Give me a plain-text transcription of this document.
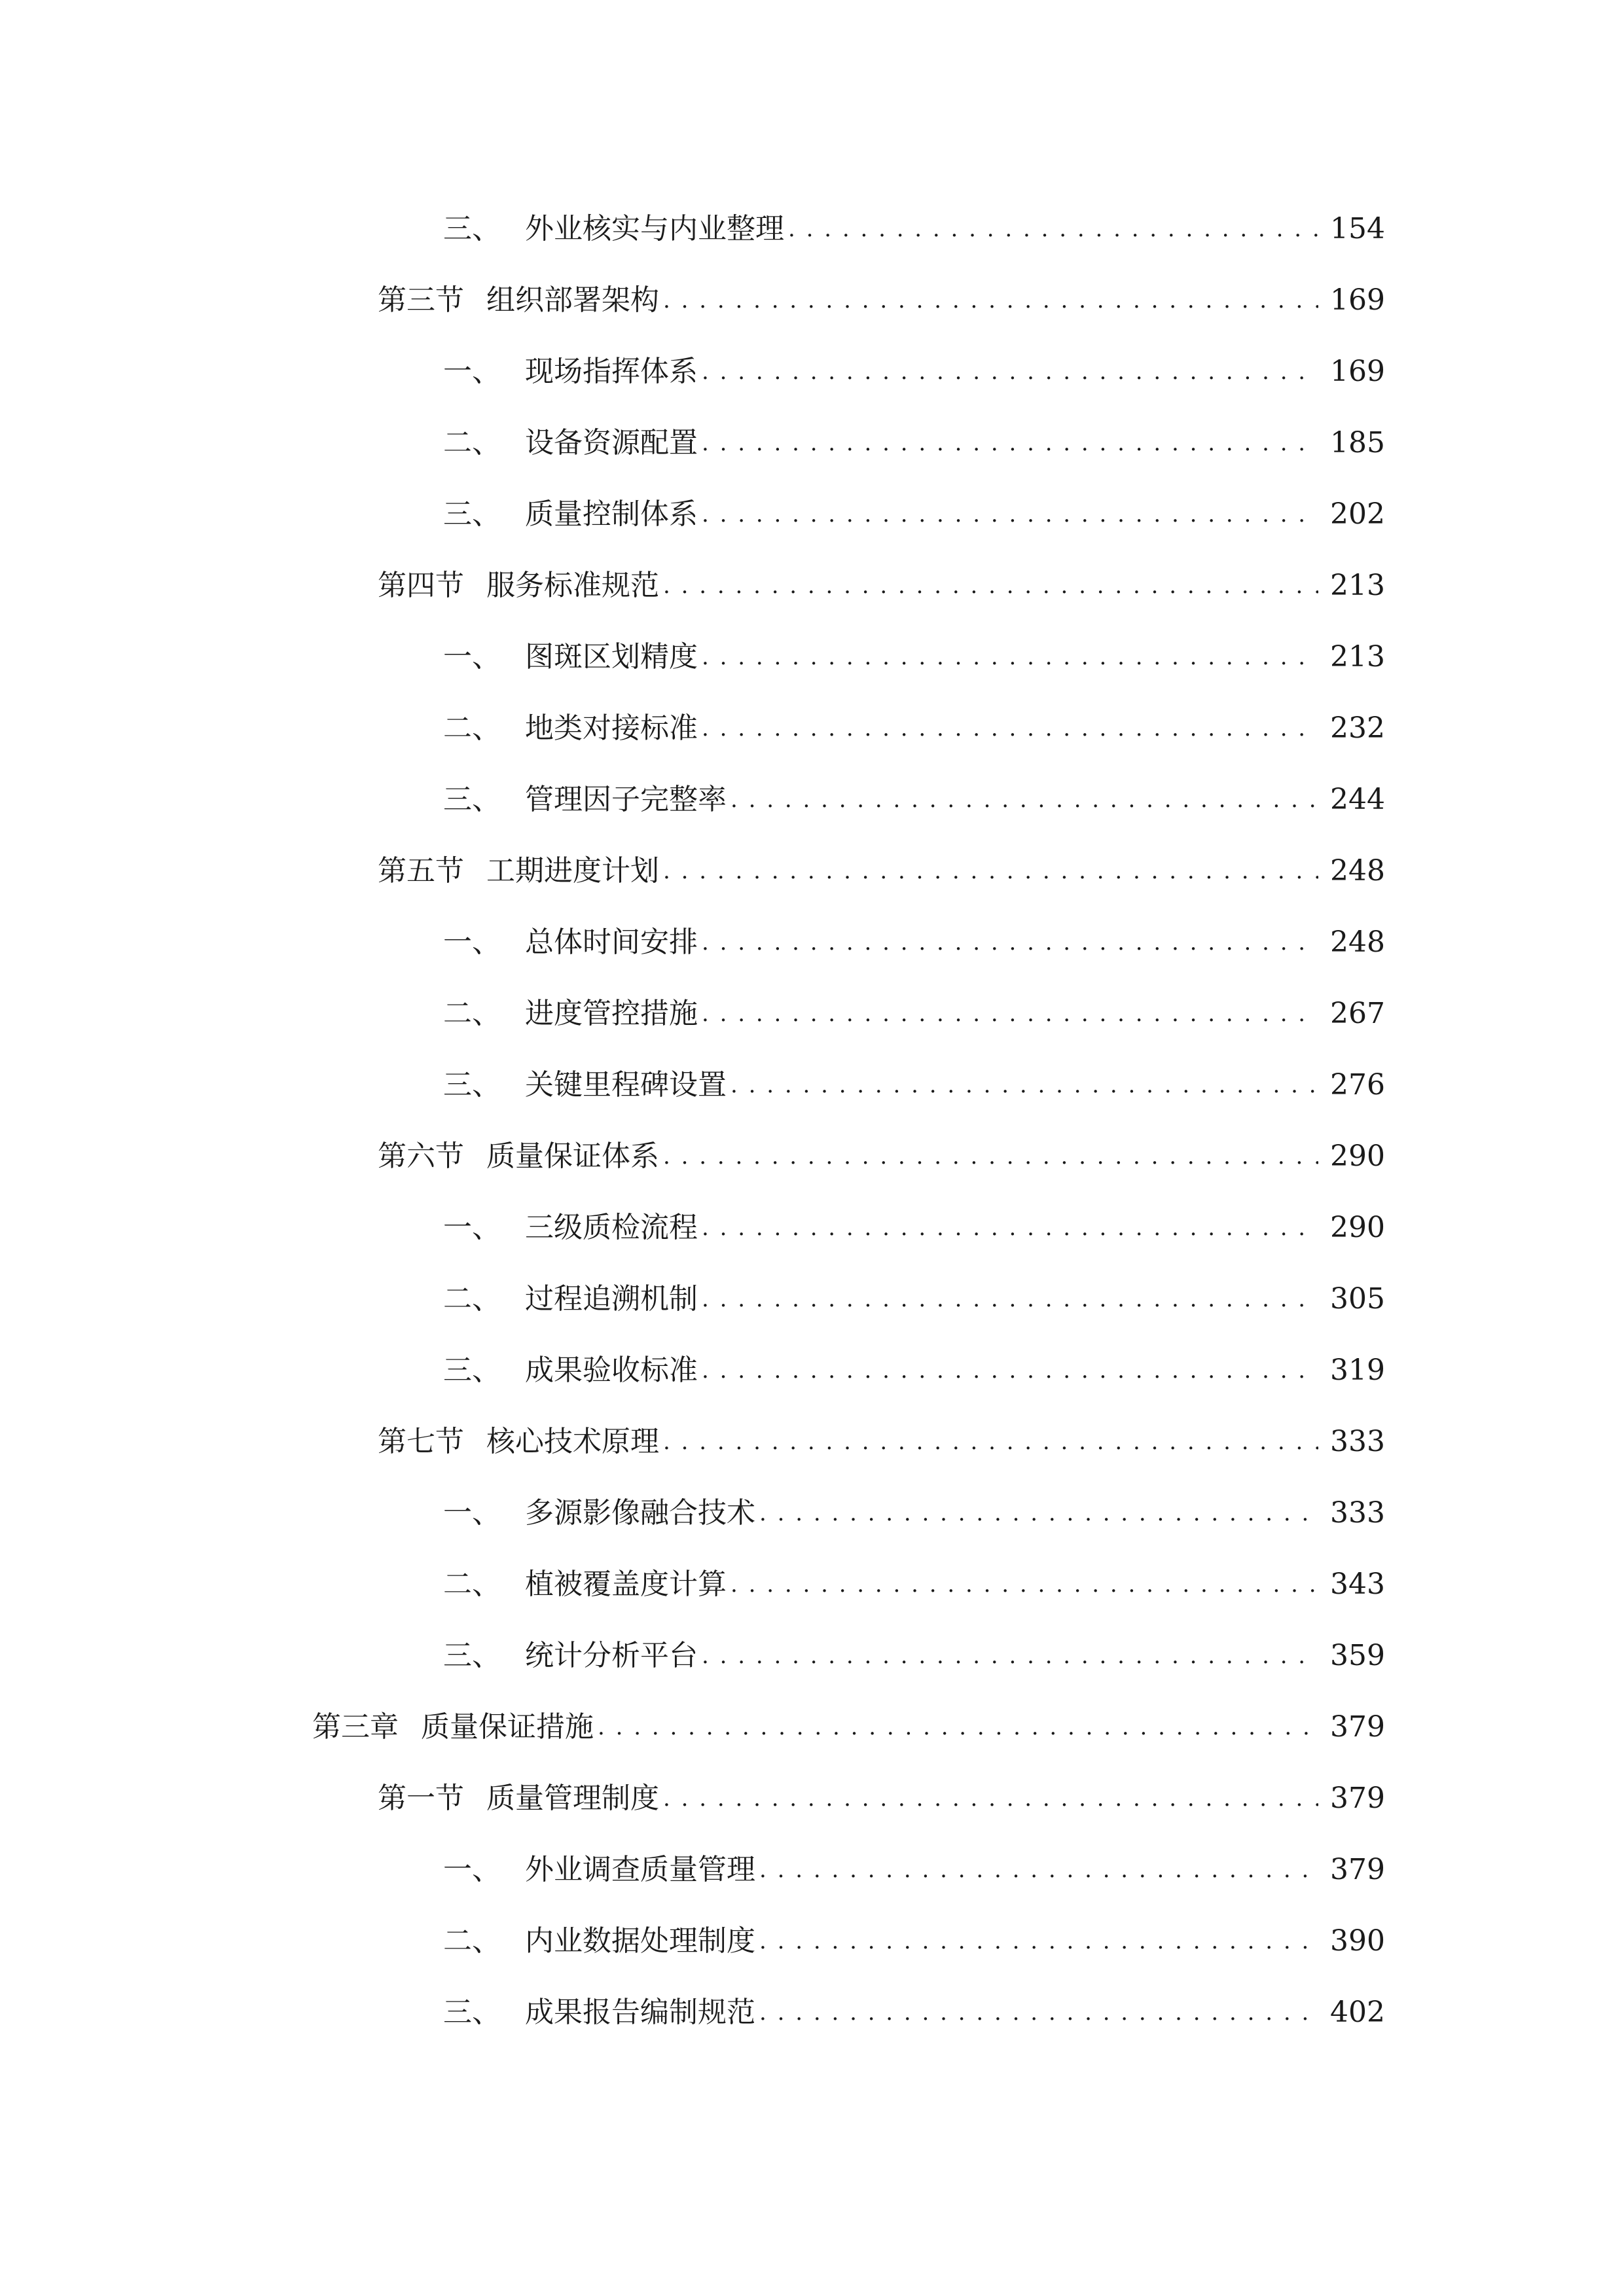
三、 外业核实与内业整理 . . .	154
第三节 组织部署架构 . . .	169
一、 现场指挥体系 . . .	169
二、 设备资源配置 . . .	185
三、 质量控制体系 . . .	202
第四节 服务标准规范 . . .	213
一、 图斑区划精度 . . .	213
二、 地类对接标准 . . .	232
三、 管理因子完整率 . . .	244
第五节 工期进度计划 . . .	248
一、 总体时间安排 . . .	248
二、 进度管控措施 . . .	267
三、 关键里程碑设置 . . .	276
第六节 质量保证体系 . . .	290
一、 三级质检流程 . . .	290
二、 过程追溯机制 . . .	305
三、 成果验收标准 . . .	319
第七节 核心技术原理 . . .	333
一、 多源影像融合技术 . . .	333
二、 植被覆盖度计算 . . .	343
三、 统计分析平台 . . .	359
第三章 质量保证措施 . . .	379
第一节 质量管理制度 . . .	379
一、 外业调查质量管理 . . .	379
二、 内业数据处理制度 . . .	390
三、 成果报告编制规范 . . .	402
